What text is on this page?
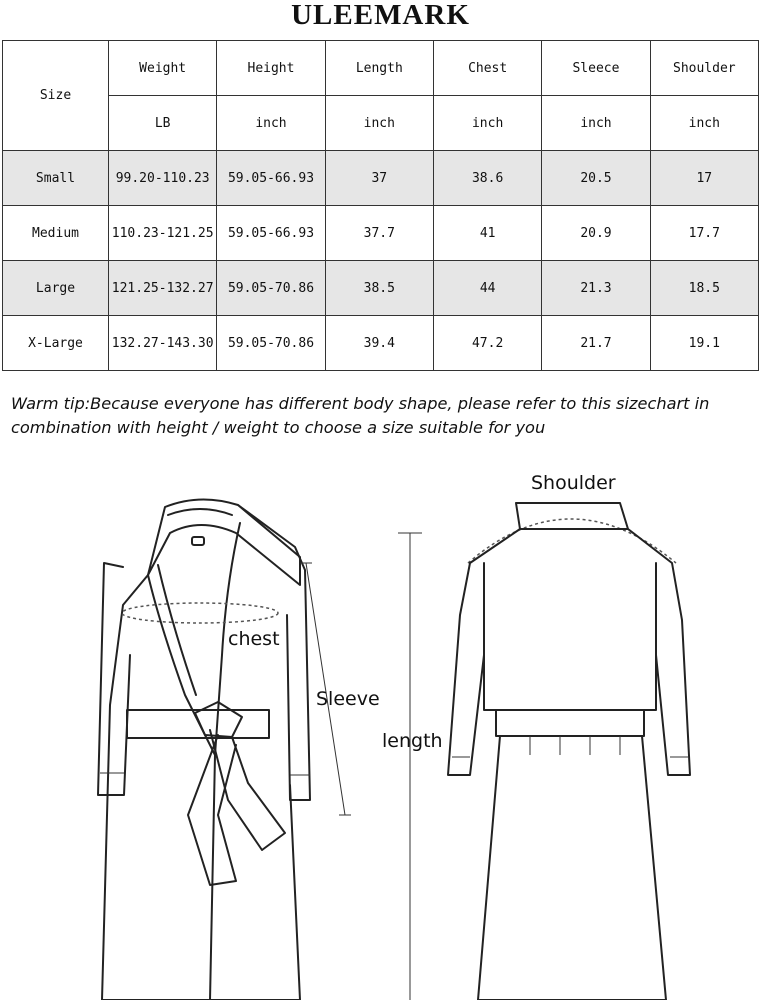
ULEEMARK
Size	Weight	Height	Length	Chest	Sleece	Shoulder
	LB	inch	inch	inch	inch	inch
Small	99.20-110.23	59.05-66.93	37	38.6	20.5	17
Medium	110.23-121.25	59.05-66.93	37.7	41	20.9	17.7
Large	121.25-132.27	59.05-70.86	38.5	44	21.3	18.5
X-Large	132.27-143.30	59.05-70.86	39.4	47.2	21.7	19.1
Warm tip:Because everyone has different body shape, please refer to this sizechart in combination with height / weight to choose a size suitable for you
chest
Sleeve
length
Shoulder
